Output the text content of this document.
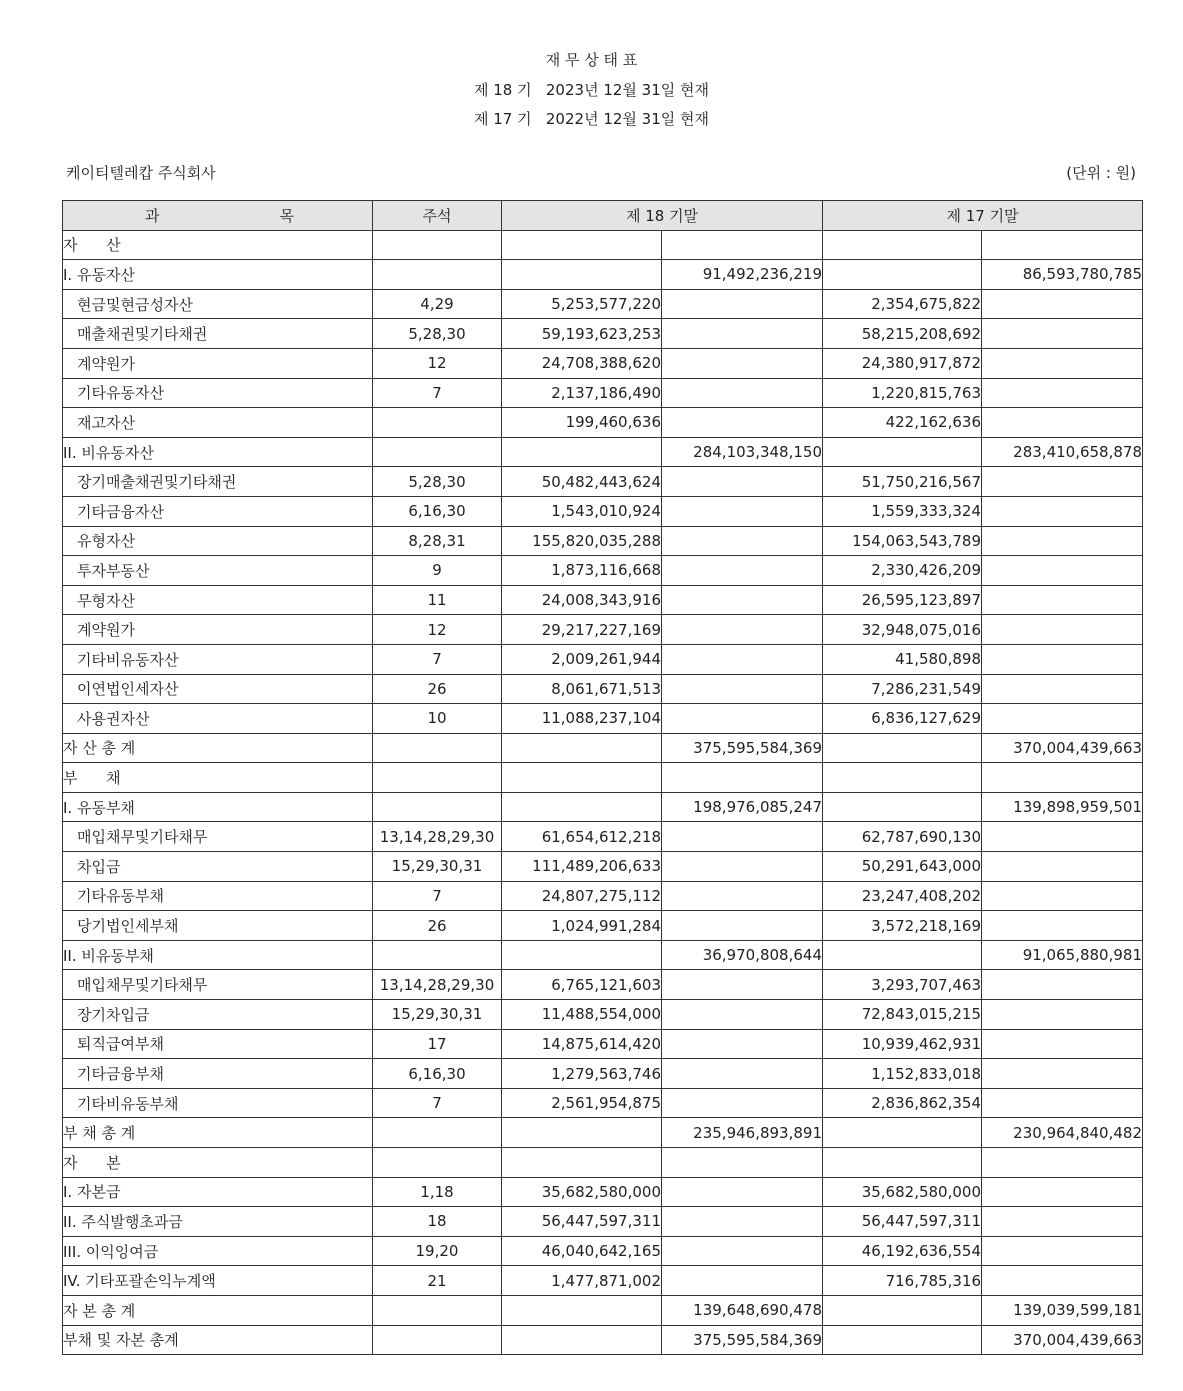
재 무 상 태 표
제 18 기   2023년 12월 31일 현재
제 17 기   2022년 12월 31일 현재
케이티텔레캅 주식회사	(단위 : 원)
과 목	주석	제 18 기말		제 17 기말	
자      산					
I. 유동자산			91,492,236,219		86,593,780,785
현금및현금성자산	4,29	5,253,577,220		2,354,675,822	
매출채권및기타채권	5,28,30	59,193,623,253		58,215,208,692	
계약원가	12	24,708,388,620		24,380,917,872	
기타유동자산	7	2,137,186,490		1,220,815,763	
재고자산		199,460,636		422,162,636	
II. 비유동자산			284,103,348,150		283,410,658,878
장기매출채권및기타채권	5,28,30	50,482,443,624		51,750,216,567	
기타금융자산	6,16,30	1,543,010,924		1,559,333,324	
유형자산	8,28,31	155,820,035,288		154,063,543,789	
투자부동산	9	1,873,116,668		2,330,426,209	
무형자산	11	24,008,343,916		26,595,123,897	
계약원가	12	29,217,227,169		32,948,075,016	
기타비유동자산	7	2,009,261,944		41,580,898	
이연법인세자산	26	8,061,671,513		7,286,231,549	
사용권자산	10	11,088,237,104		6,836,127,629	
자 산 총 계			375,595,584,369		370,004,439,663
부      채					
I. 유동부채			198,976,085,247		139,898,959,501
매입채무및기타채무	13,14,28,29,30	61,654,612,218		62,787,690,130	
차입금	15,29,30,31	111,489,206,633		50,291,643,000	
기타유동부채	7	24,807,275,112		23,247,408,202	
당기법인세부채	26	1,024,991,284		3,572,218,169	
II. 비유동부채			36,970,808,644		91,065,880,981
매입채무및기타채무	13,14,28,29,30	6,765,121,603		3,293,707,463	
장기차입금	15,29,30,31	11,488,554,000		72,843,015,215	
퇴직급여부채	17	14,875,614,420		10,939,462,931	
기타금융부채	6,16,30	1,279,563,746		1,152,833,018	
기타비유동부채	7	2,561,954,875		2,836,862,354	
부 채 총 계			235,946,893,891		230,964,840,482
자      본					
I. 자본금	1,18	35,682,580,000		35,682,580,000	
II. 주식발행초과금	18	56,447,597,311		56,447,597,311	
III. 이익잉여금	19,20	46,040,642,165		46,192,636,554	
IV. 기타포괄손익누계액	21	1,477,871,002		716,785,316	
자 본 총 계			139,648,690,478		139,039,599,181
부채 및 자본 총계			375,595,584,369		370,004,439,663
